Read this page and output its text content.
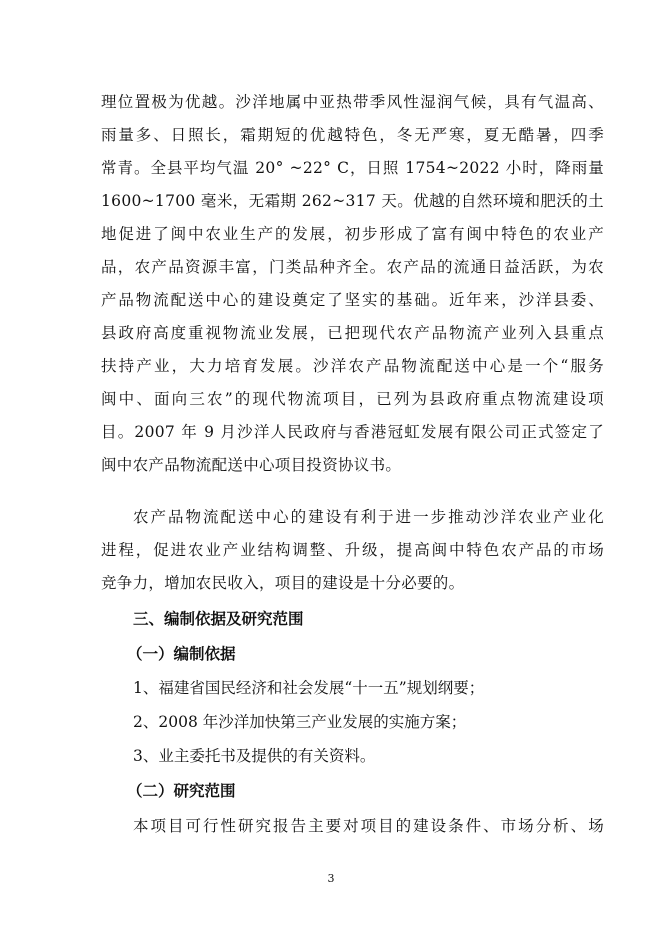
理位置极为优越。沙洋地属中亚热带季风性湿润气候，具有气温高、
雨量多、日照长，霜期短的优越特色，冬无严寒，夏无酷暑，四季
常青。全县平均气温 20° ~22° C，日照 1754~2022 小时，降雨量
1600~1700 毫米，无霜期 262~317 天。优越的自然环境和肥沃的土
地促进了闽中农业生产的发展，初步形成了富有闽中特色的农业产
品，农产品资源丰富，门类品种齐全。农产品的流通日益活跃，为农
产品物流配送中心的建设奠定了坚实的基础。近年来，沙洋县委、
县政府高度重视物流业发展，已把现代农产品物流产业列入县重点
扶持产业，大力培育发展。沙洋农产品物流配送中心是一个“服务
闽中、面向三农”的现代物流项目，已列为县政府重点物流建设项
目。2007 年 9 月沙洋人民政府与香港冠虹发展有限公司正式签定了
闽中农产品物流配送中心项目投资协议书。
农产品物流配送中心的建设有利于进一步推动沙洋农业产业化
进程，促进农业产业结构调整、升级，提高闽中特色农产品的市场
竞争力，增加农民收入，项目的建设是十分必要的。
三、编制依据及研究范围
（一）编制依据
1、福建省国民经济和社会发展“十一五”规划纲要；
2、2008 年沙洋加快第三产业发展的实施方案；
3、业主委托书及提供的有关资料。
（二）研究范围
本项目可行性研究报告主要对项目的建设条件、市场分析、场
3
